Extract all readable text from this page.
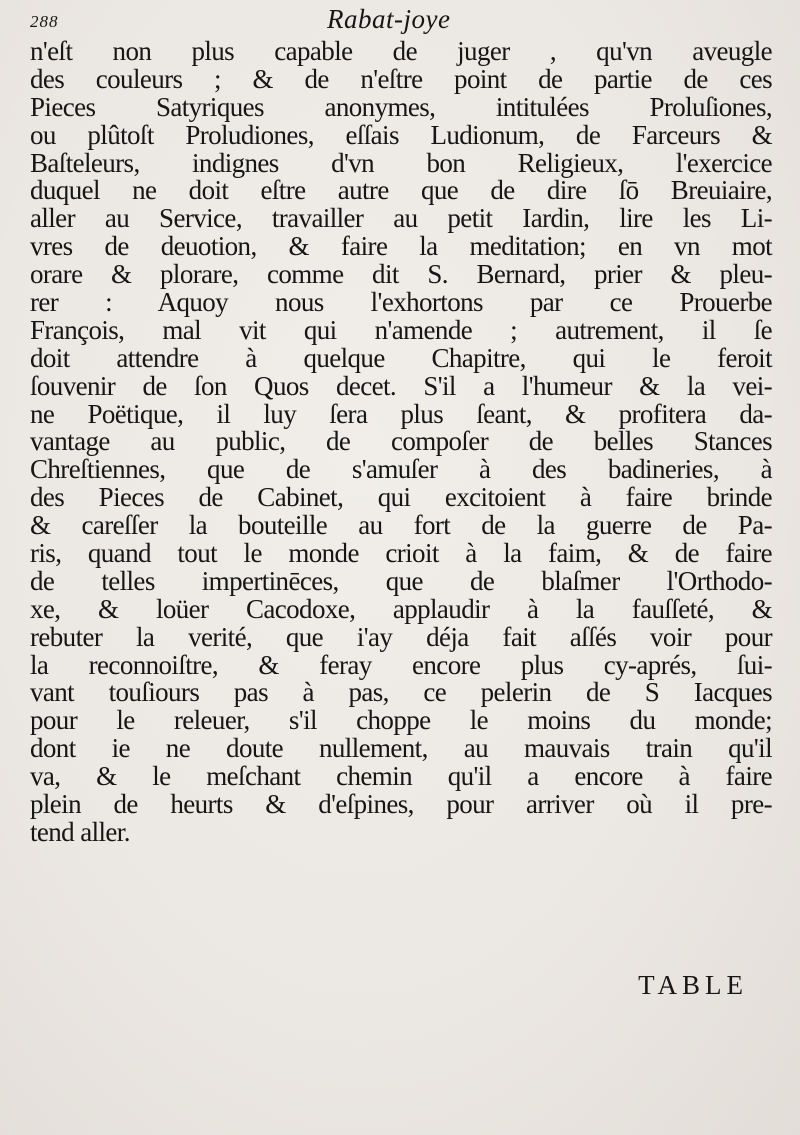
288	Rabat-joye
n'eſt non plus capable de juger , qu'vn aveugle
des couleurs ; & de n'eſtre point de partie de ces
Pieces Satyriques anonymes, intitulées Proluſiones,
ou plûtoſt Proludiones, eſſais Ludionum, de Farceurs &
Baſteleurs, indignes d'vn bon Religieux, l'exercice
duquel ne doit eſtre autre que de dire ſō Breuiaire,
aller au Service, travailler au petit Iardin, lire les Li-
vres de deuotion, & faire la meditation; en vn mot
orare & plorare, comme dit S. Bernard, prier & pleu-
rer : Aquoy nous l'exhortons par ce Prouerbe
François, mal vit qui n'amende ; autrement, il ſe
doit attendre à quelque Chapitre, qui le feroit
ſouvenir de ſon Quos decet. S'il a l'humeur & la vei-
ne Poëtique, il luy ſera plus ſeant, & profitera da-
vantage au public, de compoſer de belles Stances
Chreſtiennes, que de s'amuſer à des badineries, à
des Pieces de Cabinet, qui excitoient à faire brinde
& careſſer la bouteille au fort de la guerre de Pa-
ris, quand tout le monde crioit à la faim, & de faire
de telles impertinēces, que de blaſmer l'Orthodo-
xe, & loüer Cacodoxe, applaudir à la fauſſeté, &
rebuter la verité, que i'ay déja fait aſſés voir pour
la reconnoiſtre, & feray encore plus cy-aprés, ſui-
vant touſiours pas à pas, ce pelerin de S Iacques
pour le releuer, s'il choppe le moins du monde;
dont ie ne doute nullement, au mauvais train qu'il
va, & le meſchant chemin qu'il a encore à faire
plein de heurts & d'eſpines, pour arriver où il pre-
tend aller.
TABLE
